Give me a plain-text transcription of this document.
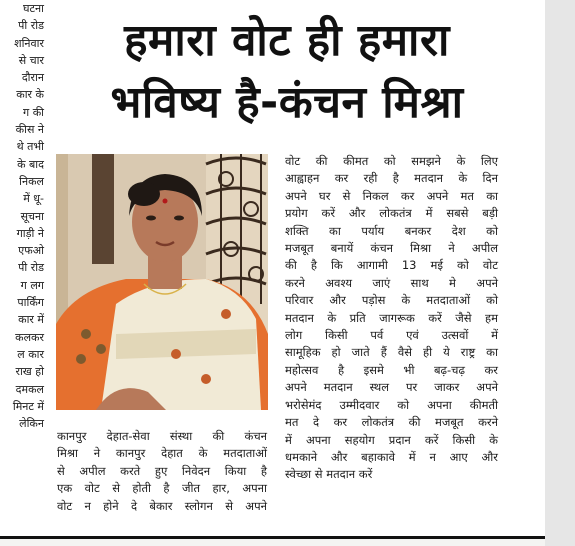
घटना
पी रोड
शनिवार
से चार
दौरान
कार के
ग की
कीस ने
थे तभी
के बाद
निकल
में धू-
सूचना
गाड़ी ने
एफओ
पी रोड
ग लग
पार्किंग
कार में
कलकर
ल कार
राख हो
दमकल
मिनट में
लेकिन
हमारा वोट ही हमारा
भविष्य है-कंचन मिश्रा
कानपुर देहात-सेवा संस्था की कंचन
मिश्रा ने कानपुर देहात के मतदाताओं
से अपील करते हुए निवेदन किया है
एक वोट से होती है जीत हार, अपना
वोट न होने दे बेकार स्लोगन से अपने
वोट की कीमत को समझने के लिए
आह्वाहन कर रही है मतदान के दिन
अपने घर से निकल कर अपने मत का
प्रयोग करें और लोकतंत्र में सबसे बड़ी
शक्ति का पर्याय बनकर देश को
मजबूत बनायें कंचन मिश्रा ने अपील
की है कि आगामी 13 मई को वोट
करने अवश्य जाएं साथ मे अपने
परिवार और पड़ोस के मतदाताओं को
मतदान के प्रति जागरूक करें जैसे हम
लोग किसी पर्व एवं उत्सवों में
सामूहिक हो जाते हैं वैसे ही ये राष्ट्र का
महोत्सव है इसमे भी बढ़-चढ़ कर
अपने मतदान स्थल पर जाकर अपने
भरोसेमंद उम्मीदवार को अपना कीमती
मत दे कर लोकतंत्र की मजबूत करने
में अपना सहयोग प्रदान करें किसी के
धमकाने और बहाकावे में न आए और
स्वेच्छा से मतदान करें
